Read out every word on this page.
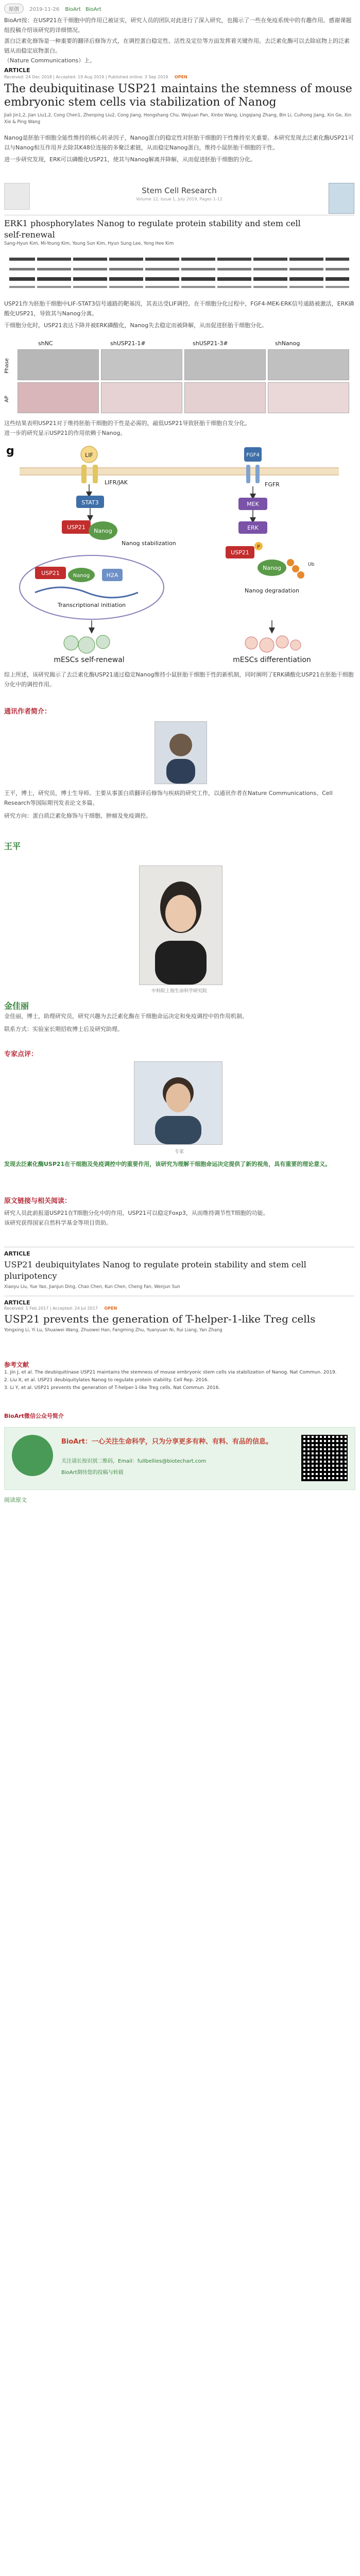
原创 2019-11-26 BioArt BioArt

BioArt按：在USP21在干细胞中的作用已被证实，研究人员的团队对此进行了深入研究，也揭示了一些在免疫系统中的有趣作用。感谢课题组投稿介绍该研究的详细情况。

蛋白泛素化修饰是一种重要的翻译后修饰方式，在调控蛋白稳定性、活性及定位等方面发挥着关键作用。去泛素化酶可以去除底物上的泛素链从而稳定底物蛋白。

（Nature Communications）上。

ARTICLE
Received: 24 Dec 2018 | Accepted: 19 Aug 2019 | Published online: 3 Sep 2019 OPEN
The deubiquitinase USP21 maintains the stemness of mouse embryonic stem cells via stabilization of Nanog
Jiali Jin1,2, Jian Liu1,2, Cong Chen1, Zhenping Liu2, Cong Jiang, Hongshang Chu, Weijuan Pan, Xinbo Wang, Lingqiang Zhang, Bin Li, Cuihong Jiang, Xin Ge, Xin Xie & Ping Wang

Nanog是胚胎干细胞全能性维持的核心转录因子，Nanog蛋白的稳定性对胚胎干细胞的干性维持至关重要。本研究发现去泛素化酶USP21可以与Nanog相互作用并去除其K48位连接的多聚泛素链，从而稳定Nanog蛋白，维持小鼠胚胎干细胞的干性。

进一步研究发现，ERK可以磷酸化USP21，使其与Nanog解离并降解，从而促进胚胎干细胞的分化。

Stem Cell Research
Volume 12, Issue 1, July 2019, Pages 1-12
ERK1 phosphorylates Nanog to regulate protein stability and stem cell self-renewal
Sang-Hyun Kim, Mi-Young Kim, Young Sun Kim, Hyun Sung Lee, Yong Hee Kim

USP21作为胚胎干细胞中LIF-STAT3信号通路的靶基因，其表达受LIF调控。在干细胞分化过程中，FGF4-MEK-ERK信号通路被激活，ERK磷酸化USP21，导致其与Nanog分离。

干细胞分化时，USP21表达下降并被ERK磷酸化，Nanog失去稳定而被降解，从而促进胚胎干细胞分化。

shNC	shUSP21-1#	shUSP21-3#	shNanog
Phase
AP

这些结果表明USP21对于维持胚胎干细胞的干性是必需的，敲低USP21导致胚胎干细胞自发分化。

进一步的研究显示USP21的作用依赖于Nanog。

g	LIF
LIFR/JAK
STAT3
USP21
Nanog
Nanog stabilization
USP21	Nanog	H2A
Transcriptional initiation
mESCs self-renewal
FGF4
FGFR
MEK
ERK
USP21
P
Nanog	Ub
Nanog degradation
mESCs differentiation

综上所述，该研究揭示了去泛素化酶USP21通过稳定Nanog维持小鼠胚胎干细胞干性的新机制，同时阐明了ERK磷酸化USP21在胚胎干细胞分化中的调控作用。

通讯作者简介：

王平，博士，研究员，博士生导师。主要从事蛋白质翻译后修饰与疾病的研究工作，以通讯作者在Nature Communications、Cell Research等国际期刊发表论文多篇。

研究方向：蛋白质泛素化修饰与干细胞、肿瘤及免疫调控。

王平
中科院上海生命科学研究院
金佳丽

金佳丽，博士，助理研究员，研究兴趣为去泛素化酶在干细胞命运决定和免疫调控中的作用机制。

联系方式：实验室长期招收博士后及研究助理。

专家点评：
专家

发现去泛素化酶USP21在干细胞及免疫调控中的重要作用，该研究为理解干细胞命运决定提供了新的视角，具有重要的理论意义。

原文链接与相关阅读：

研究人员此前报道USP21在T细胞分化中的作用，USP21可以稳定Foxp3，从而维持调节性T细胞的功能。

该研究获得国家自然科学基金等项目资助。

ARTICLE
USP21 deubiquitylates Nanog to regulate protein stability and stem cell pluripotency
Xiaoyu Liu, Yue Yao, Jianjun Ding, Chao Chen, Kun Chen, Cheng Fan, Wenjun Sun
ARTICLE
Received: 1 Feb 2017 | Accepted: 24 Jul 2017 OPEN
USP21 prevents the generation of T-helper-1-like Treg cells
Yongxing Li, Yi Lu, Shuaiwei Wang, Zhuowei Han, Fangming Zhu, Yuanyuan Ni, Rui Liang, Yan Zhang
参考文献

1. Jin J, et al. The deubiquitinase USP21 maintains the stemness of mouse embryonic stem cells via stabilization of Nanog. Nat Commun. 2019.

2. Liu X, et al. USP21 deubiquitylates Nanog to regulate protein stability. Cell Rep. 2016.

3. Li Y, et al. USP21 prevents the generation of T-helper-1-like Treg cells. Nat Commun. 2016.

BioArt微信公众号简介
BioArt：一心关注生命科学，只为分享更多有种、有料、有品的信息。
关注请长按识别二维码，Email：fullbellies@biotechart.com
BioArt期待您的投稿与转载
阅读原文
